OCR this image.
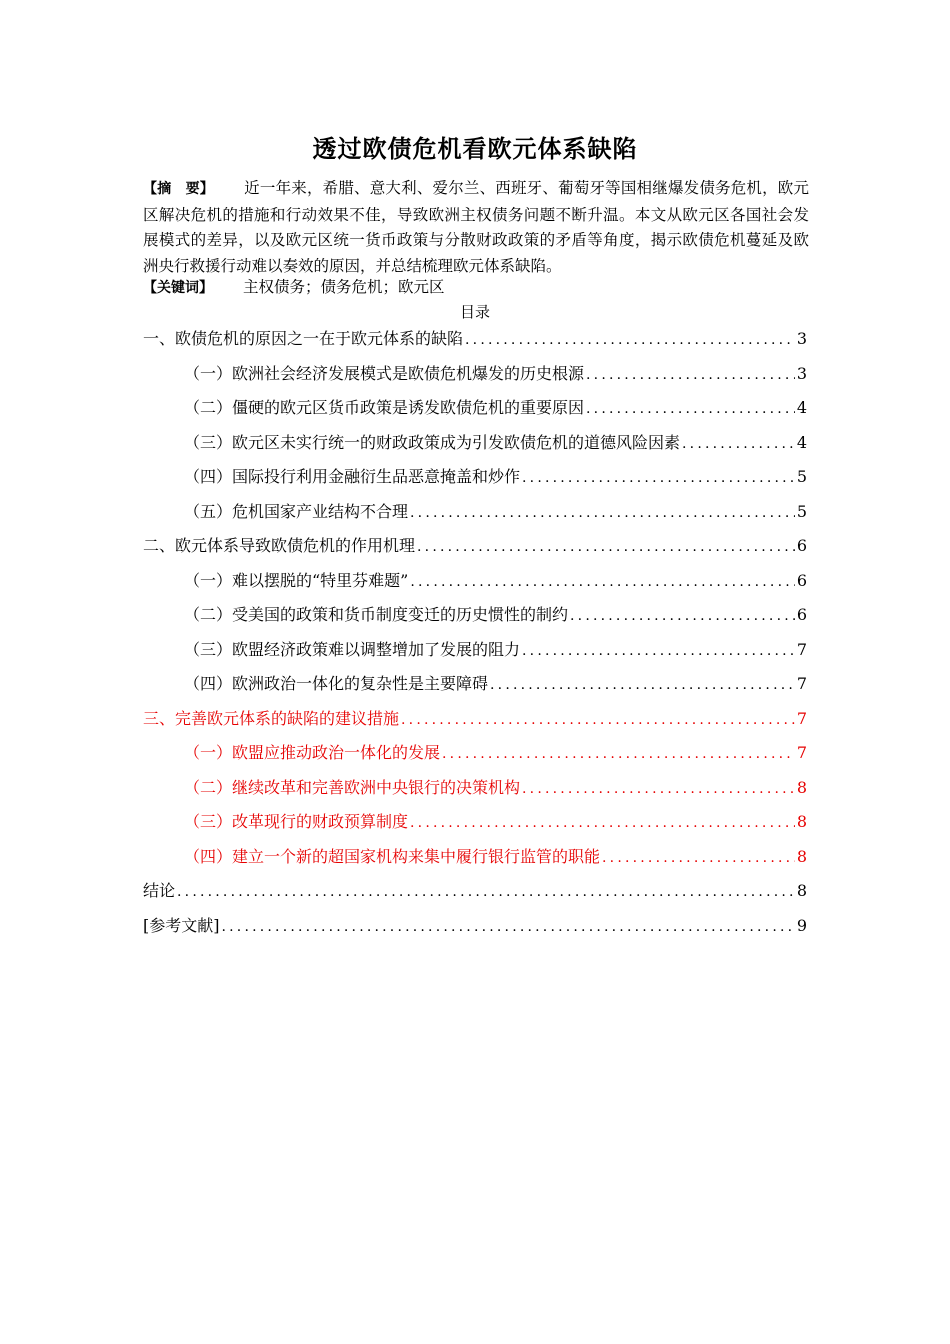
透过欧债危机看欧元体系缺陷
【摘　要】 近一年来，希腊、意大利、爱尔兰、西班牙、葡萄牙等国相继爆发债务危机，欧元区解决危机的措施和行动效果不佳，导致欧洲主权债务问题不断升温。本文从欧元区各国社会发展模式的差异，以及欧元区统一货币政策与分散财政政策的矛盾等角度，揭示欧债危机蔓延及欧洲央行救援行动难以奏效的原因，并总结梳理欧元体系缺陷。
【关键词】 主权债务；债务危机；欧元区
目录
一、欧债危机的原因之一在于欧元体系的缺陷 .....	3
（一）欧洲社会经济发展模式是欧债危机爆发的历史根源 .....	3
（二）僵硬的欧元区货币政策是诱发欧债危机的重要原因 .....	4
（三）欧元区未实行统一的财政政策成为引发欧债危机的道德风险因素 .....	4
（四）国际投行利用金融衍生品恶意掩盖和炒作 .....	5
（五）危机国家产业结构不合理 .....	5
二、欧元体系导致欧债危机的作用机理 .....	6
（一）难以摆脱的“特里芬难题” .....	6
（二）受美国的政策和货币制度变迁的历史惯性的制约 .....	6
（三）欧盟经济政策难以调整增加了发展的阻力 .....	7
（四）欧洲政治一体化的复杂性是主要障碍 .....	7
三、完善欧元体系的缺陷的建议措施 .....	7
（一）欧盟应推动政治一体化的发展 .....	7
（二）继续改革和完善欧洲中央银行的决策机构 .....	8
（三）改革现行的财政预算制度 .....	8
（四）建立一个新的超国家机构来集中履行银行监管的职能 .....	8
结论 .....	8
[参考文献] .....	9
